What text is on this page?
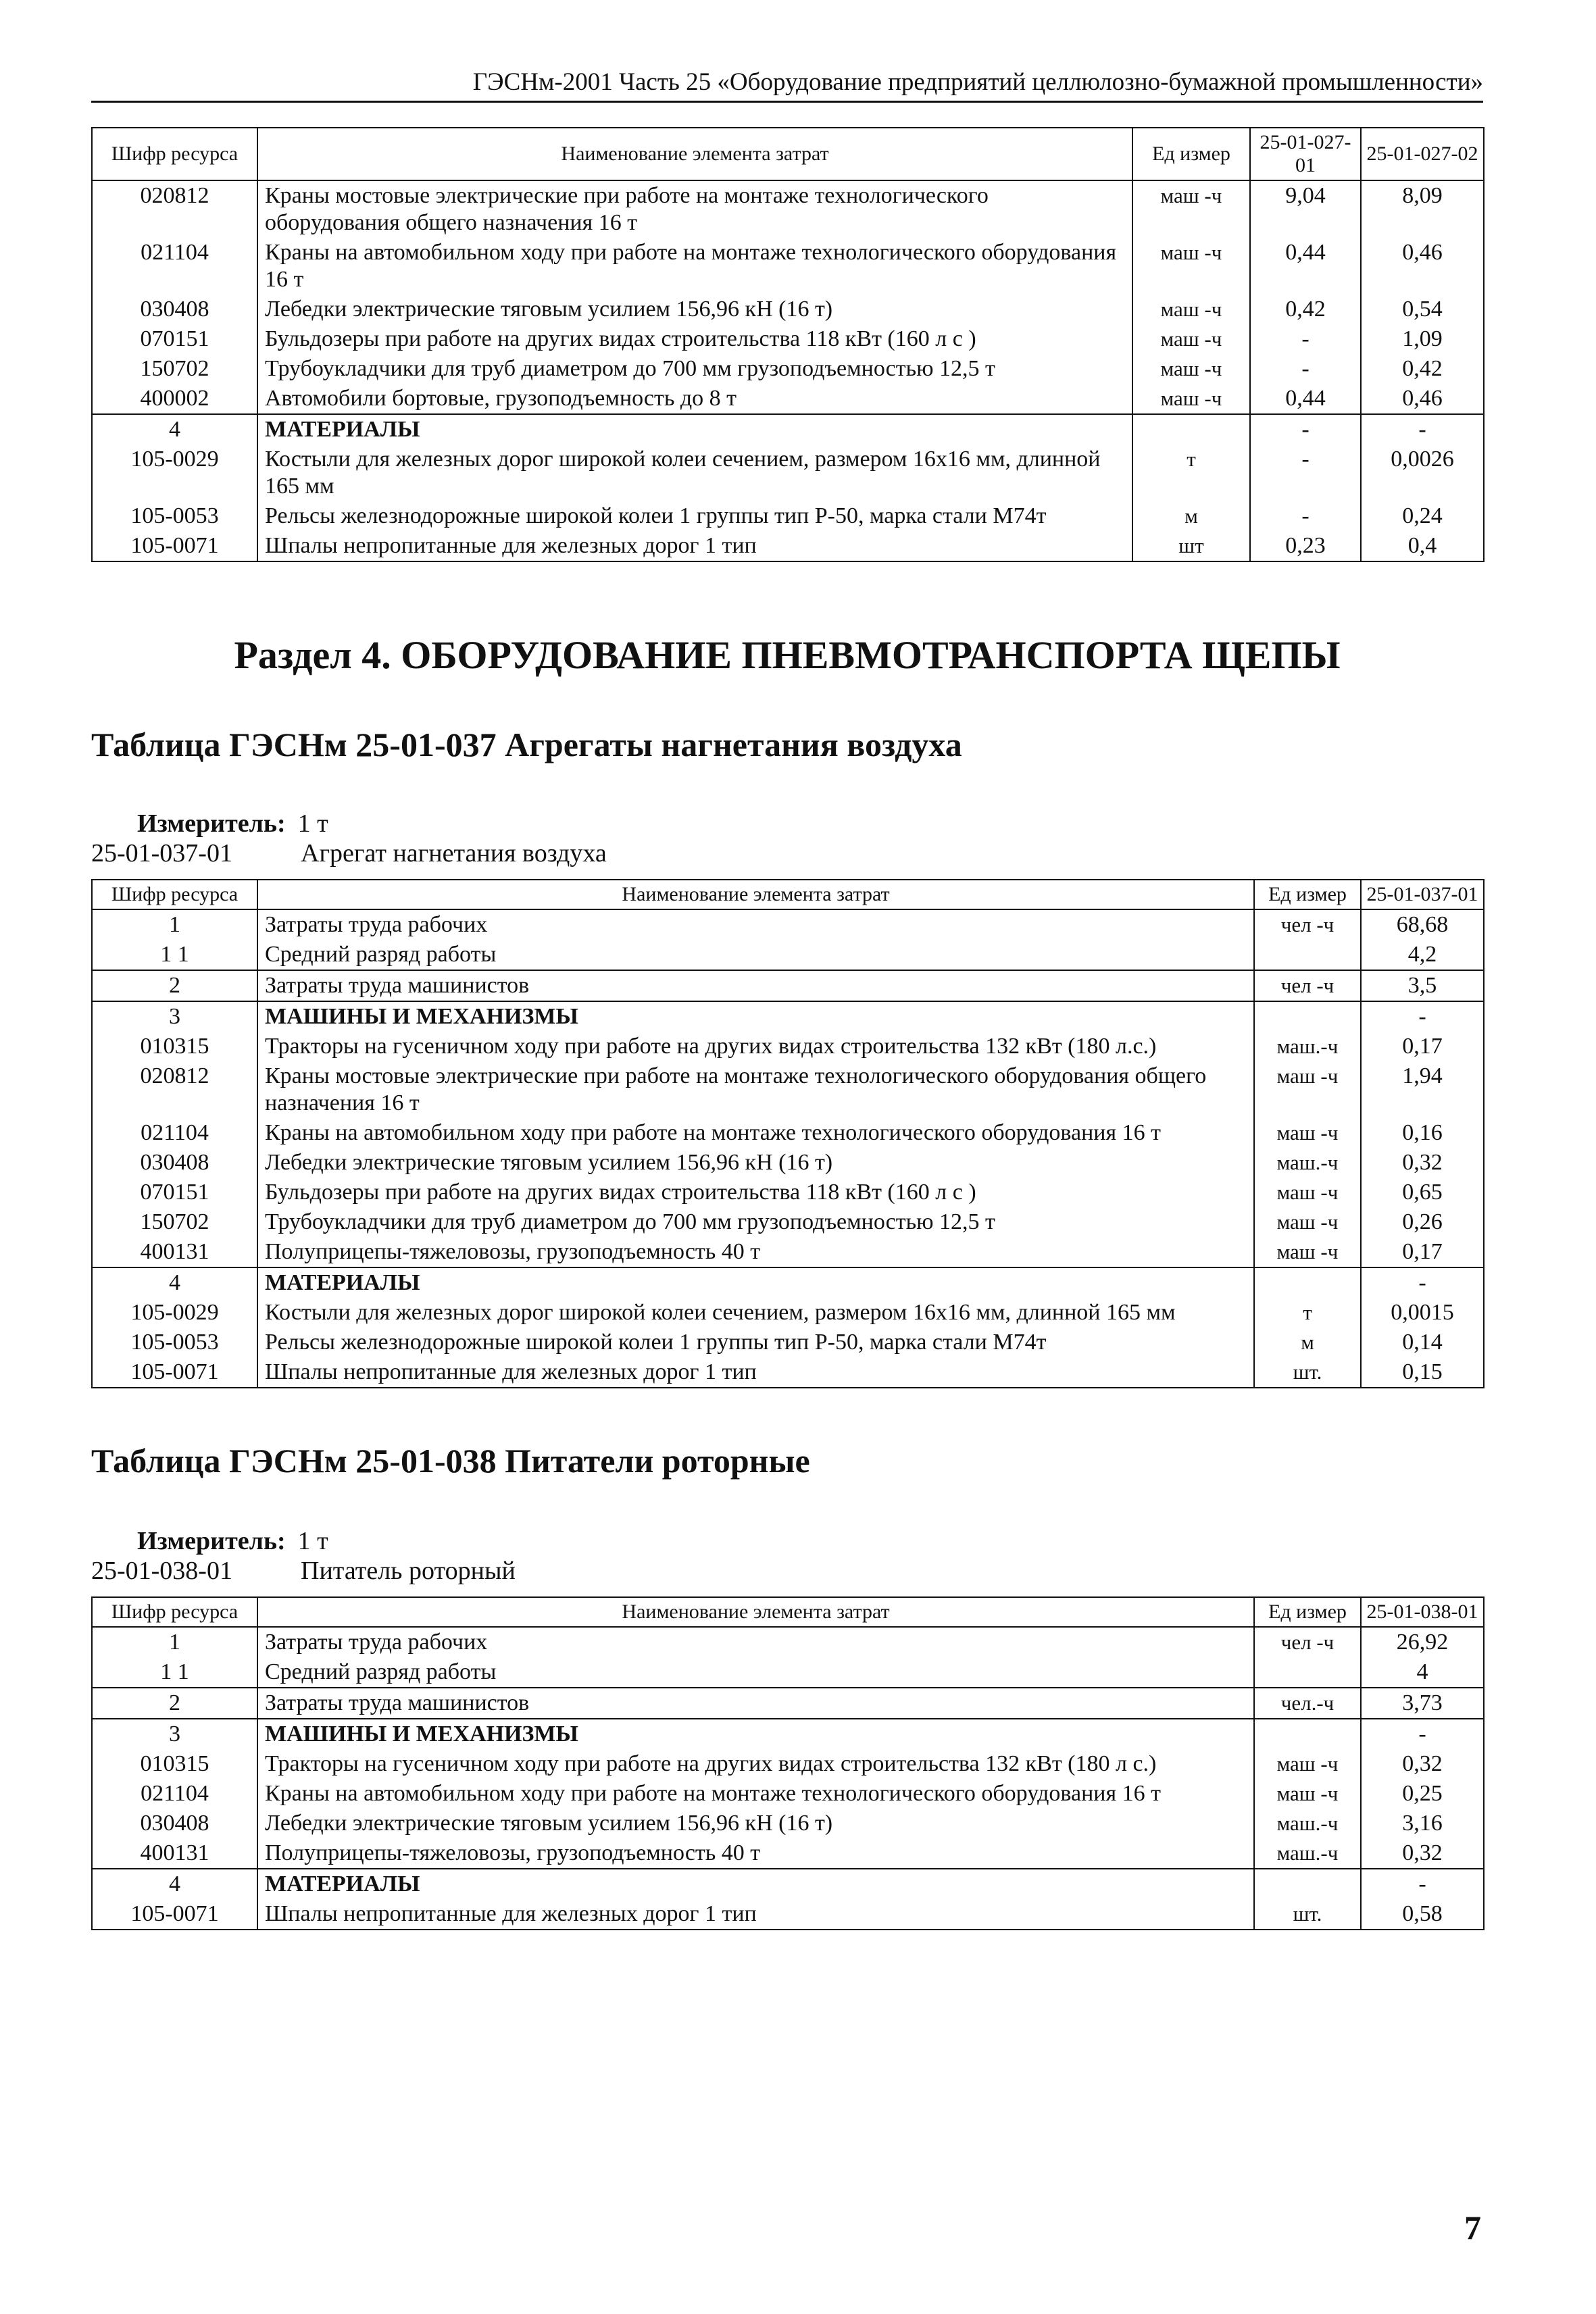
ГЭСНм-2001 Часть 25 «Оборудование предприятий целлюлозно-бумажной промышленности»
Шифр ресурса	Наименование элемента затрат	Ед измер	25-01-027-01	25-01-027-02
020812	Краны мостовые электрические при работе на монтаже технологического оборудования общего назначения 16 т	маш -ч	9,04	8,09
021104	Краны на автомобильном ходу при работе на монтаже технологического оборудования 16 т	маш -ч	0,44	0,46
030408	Лебедки электрические тяговым усилием 156,96 кН (16 т)	маш -ч	0,42	0,54
070151	Бульдозеры при работе на других видах строительства 118 кВт (160 л с )	маш -ч	-	1,09
150702	Трубоукладчики для труб диаметром до 700 мм грузоподъемностью 12,5 т	маш -ч	-	0,42
400002	Автомобили бортовые, грузоподъемность до 8 т	маш -ч	0,44	0,46
4	МАТЕРИАЛЫ		-	-
105-0029	Костыли для железных дорог широкой колеи сечением, размером 16х16 мм, длинной 165 мм	т	-	0,0026
105-0053	Рельсы железнодорожные широкой колеи 1 группы тип Р-50, марка стали М74т	м	-	0,24
105-0071	Шпалы непропитанные для железных дорог 1 тип	шт	0,23	0,4
Раздел 4. ОБОРУДОВАНИЕ ПНЕВМОТРАНСПОРТА ЩЕПЫ
Таблица ГЭСНм 25-01-037 Агрегаты нагнетания воздуха
Измеритель: 1 т
25-01-037-01	Агрегат нагнетания воздуха
Шифр ресурса	Наименование элемента затрат	Ед измер	25-01-037-01
1	Затраты труда рабочих	чел -ч	68,68
1 1	Средний разряд работы		4,2
2	Затраты труда машинистов	чел -ч	3,5
3	МАШИНЫ И МЕХАНИЗМЫ		-
010315	Тракторы на гусеничном ходу при работе на других видах строительства 132 кВт (180 л.с.)	маш.-ч	0,17
020812	Краны мостовые электрические при работе на монтаже технологического оборудования общего назначения 16 т	маш -ч	1,94
021104	Краны на автомобильном ходу при работе на монтаже технологического оборудования 16 т	маш -ч	0,16
030408	Лебедки электрические тяговым усилием 156,96 кН (16 т)	маш.-ч	0,32
070151	Бульдозеры при работе на других видах строительства 118 кВт (160 л с )	маш -ч	0,65
150702	Трубоукладчики для труб диаметром до 700 мм грузоподъемностью 12,5 т	маш -ч	0,26
400131	Полуприцепы-тяжеловозы, грузоподъемность 40 т	маш -ч	0,17
4	МАТЕРИАЛЫ		-
105-0029	Костыли для железных дорог широкой колеи сечением, размером 16х16 мм, длинной 165 мм	т	0,0015
105-0053	Рельсы железнодорожные широкой колеи 1 группы тип Р-50, марка стали М74т	м	0,14
105-0071	Шпалы непропитанные для железных дорог 1 тип	шт.	0,15
Таблица ГЭСНм 25-01-038 Питатели роторные
Измеритель: 1 т
25-01-038-01	Питатель роторный
Шифр ресурса	Наименование элемента затрат	Ед измер	25-01-038-01
1	Затраты труда рабочих	чел -ч	26,92
1 1	Средний разряд работы		4
2	Затраты труда машинистов	чел.-ч	3,73
3	МАШИНЫ И МЕХАНИЗМЫ		-
010315	Тракторы на гусеничном ходу при работе на других видах строительства 132 кВт (180 л с.)	маш -ч	0,32
021104	Краны на автомобильном ходу при работе на монтаже технологического оборудования 16 т	маш -ч	0,25
030408	Лебедки электрические тяговым усилием 156,96 кН (16 т)	маш.-ч	3,16
400131	Полуприцепы-тяжеловозы, грузоподъемность 40 т	маш.-ч	0,32
4	МАТЕРИАЛЫ		-
105-0071	Шпалы непропитанные для железных дорог 1 тип	шт.	0,58
7
